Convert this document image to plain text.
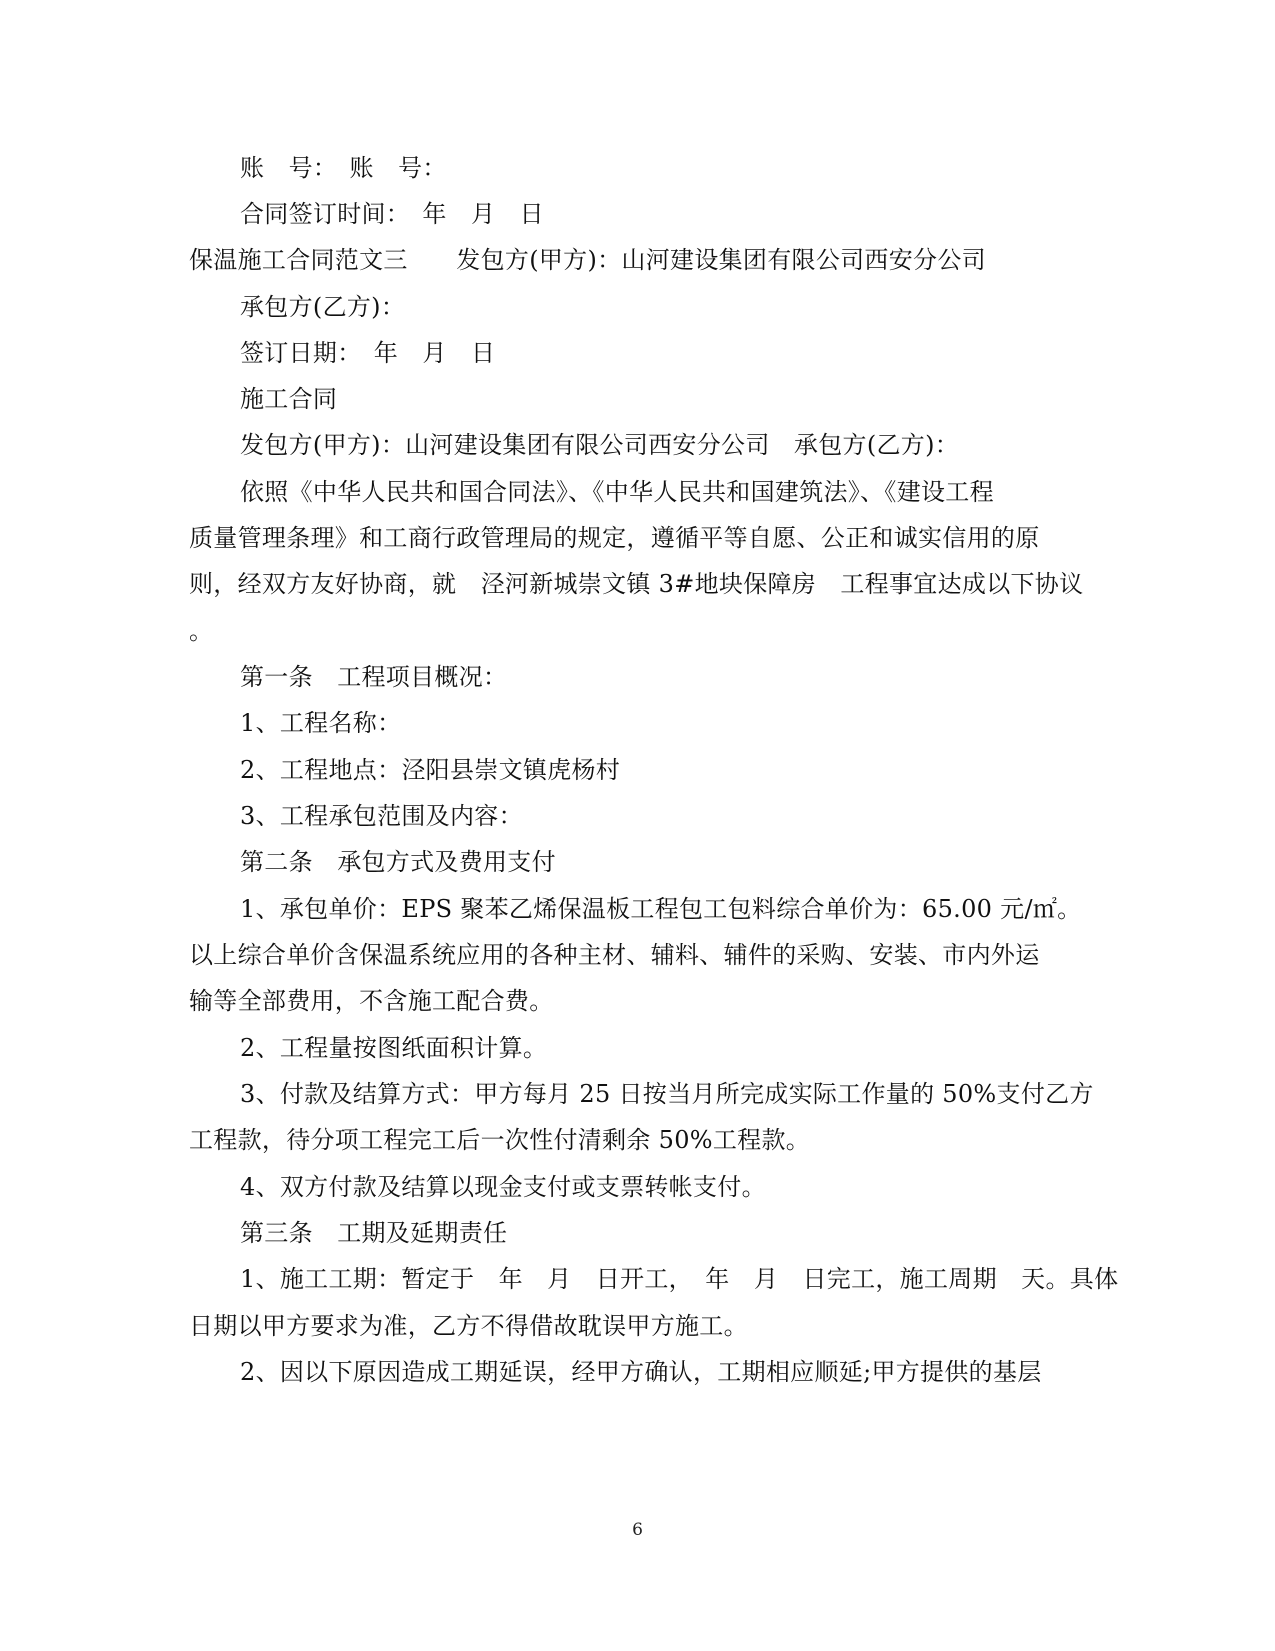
账　号：　账　号：
合同签订时间：　年　月　日
保温施工合同范文三　　发包方(甲方)：山河建设集团有限公司西安分公司
承包方(乙方)：
签订日期：　年　月　日
施工合同
发包方(甲方)：山河建设集团有限公司西安分公司　承包方(乙方)：
依照《中华人民共和国合同法》、《中华人民共和国建筑法》、《建设工程
质量管理条理》和工商行政管理局的规定，遵循平等自愿、公正和诚实信用的原
则，经双方友好协商，就　泾河新城崇文镇 3#地块保障房　工程事宜达成以下协议
。
第一条　工程项目概况：
1、工程名称：
2、工程地点：泾阳县崇文镇虎杨村
3、工程承包范围及内容：
第二条　承包方式及费用支付
1、承包单价：EPS 聚苯乙烯保温板工程包工包料综合单价为：65.00 元/㎡。
以上综合单价含保温系统应用的各种主材、辅料、辅件的采购、安装、市内外运
输等全部费用，不含施工配合费。
2、工程量按图纸面积计算。
3、付款及结算方式：甲方每月 25 日按当月所完成实际工作量的 50%支付乙方
工程款，待分项工程完工后一次性付清剩余 50%工程款。
4、双方付款及结算以现金支付或支票转帐支付。
第三条　工期及延期责任
1、施工工期：暂定于　年　月　日开工，　年　月　日完工，施工周期　天。具体
日期以甲方要求为准，乙方不得借故耽误甲方施工。
2、因以下原因造成工期延误，经甲方确认，工期相应顺延;甲方提供的基层
6
